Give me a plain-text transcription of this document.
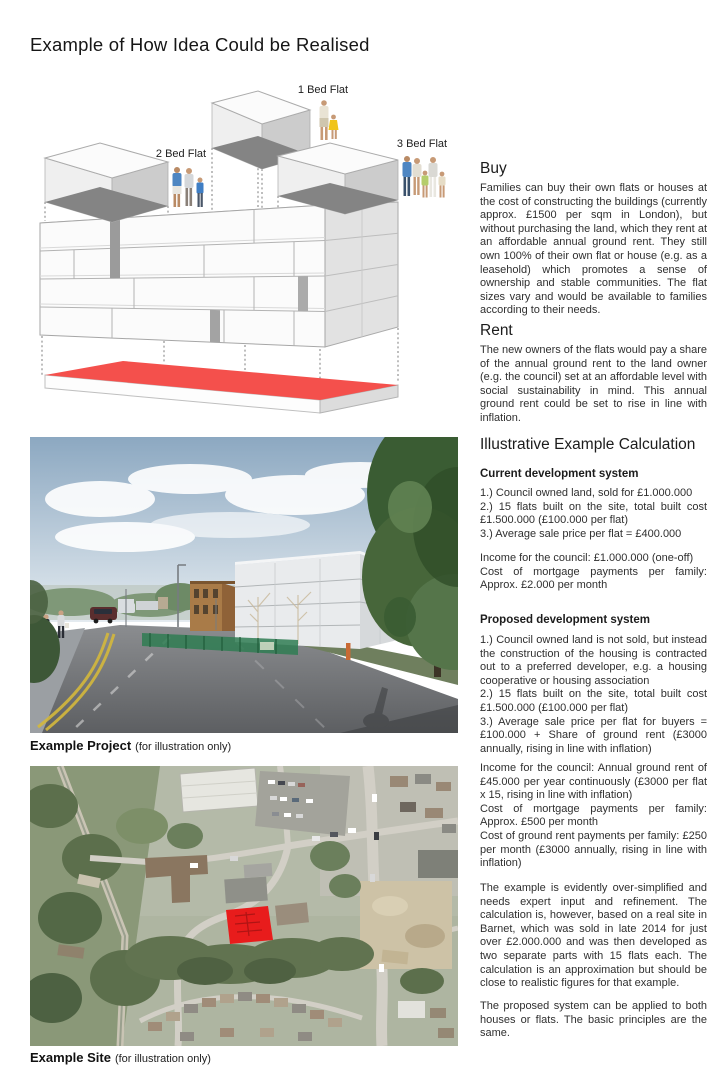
Example of How Idea Could be Realised
1 Bed Flat
2 Bed Flat
3 Bed Flat
Example Project (for illustration only)
Example Site (for illustration only)
Buy
Families can buy their own flats or houses at the cost of constructing the buildings (currently approx. £1500 per sqm in London), but without purchasing the land, which they rent at an affordable annual ground rent. They still own 100% of their own flat or house (e.g. as a leasehold) which promotes a sense of ownership and stable communities. The flat sizes vary and would be available to families according to their needs.
Rent
The new owners of the flats would pay a share of the annual ground rent to the land owner (e.g. the council) set at an affordable level with social sustainability in mind. This annual ground rent could be set to rise in line with inflation.
Illustrative Example Calculation
Current development system

1.) Council owned land, sold for £1.000.000

2.) 15 flats built on the site, total built cost £1.500.000 (£100.000 per flat)

3.) Average sale price per flat = £400.000

Income for the council: £1.000.000 (one-off)

Cost of mortgage payments per family: Approx. £2.000 per month

Proposed development system

1.) Council owned land is not sold, but instead the construction of the housing is contracted out to a preferred developer, e.g. a housing cooperative or housing association

2.) 15 flats built on the site, total built cost £1.500.000 (£100.000 per flat)

3.) Average sale price per flat for buyers = £100.000 + Share of ground rent (£3000 annually, rising in line with inflation)

Income for the council: Annual ground rent of £45.000 per year continuously (£3000 per flat x 15, rising in line with inflation)

Cost of mortgage payments per family: Approx. £500 per month

Cost of ground rent payments per family: £250 per month (£3000 annually, rising in line with inflation)

The example is evidently over-simplified and needs expert input and refinement. The calculation is, however, based on a real site in Barnet, which was sold in late 2014 for just over £2.000.000 and was then developed as two separate parts with 15 flats each. The calculation is an approximation but should be close to realistic figures for that example.
The proposed system can be applied to both houses or flats. The basic principles are the same.
